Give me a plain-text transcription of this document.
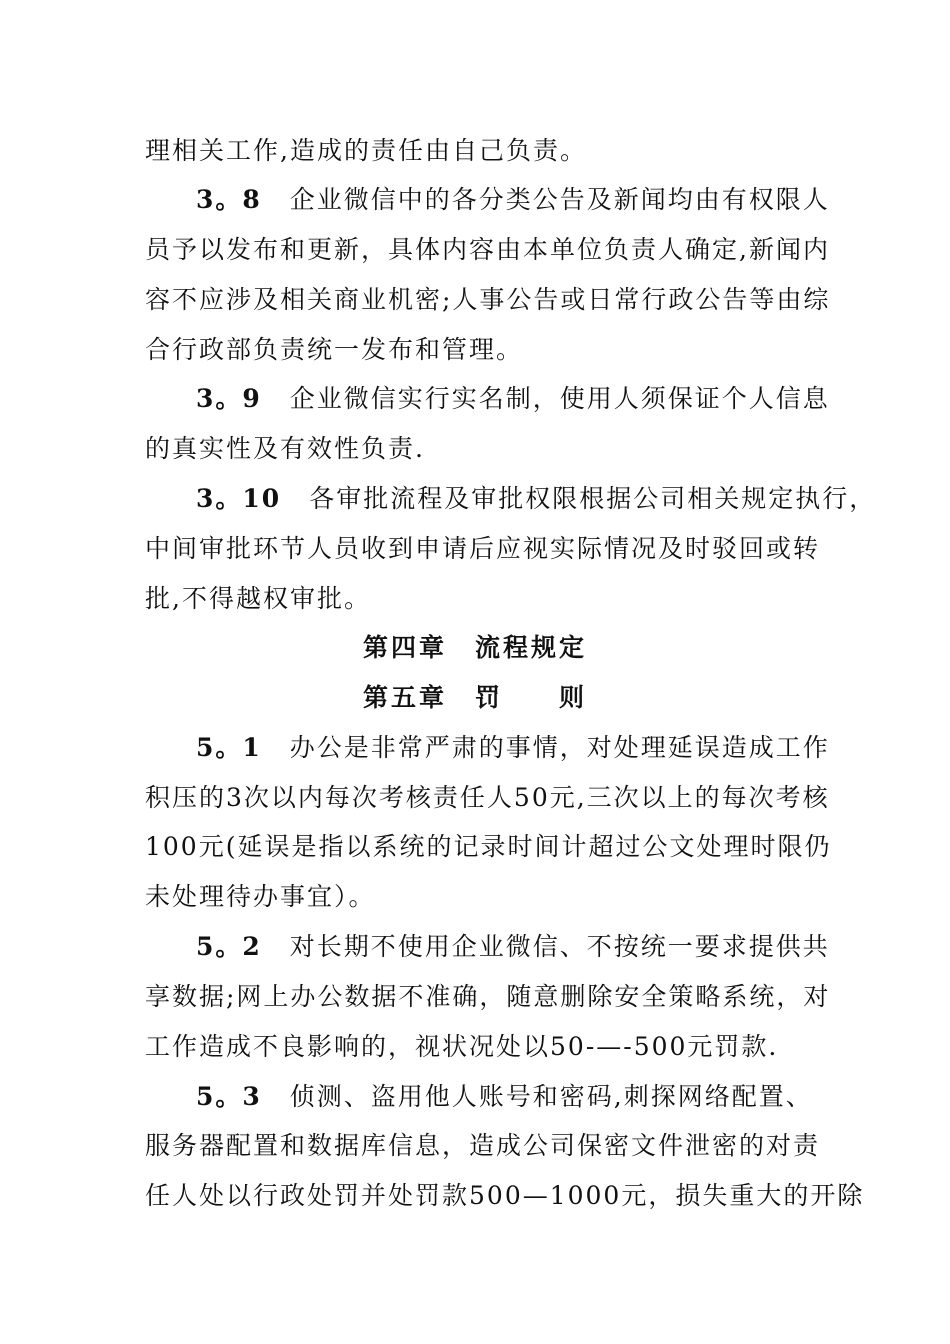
理相关工作,造成的责任由自己负责。
3。8 企业微信中的各分类公告及新闻均由有权限人
员予以发布和更新，具体内容由本单位负责人确定,新闻内
容不应涉及相关商业机密;人事公告或日常行政公告等由综
合行政部负责统一发布和管理。
3。9 企业微信实行实名制，使用人须保证个人信息
的真实性及有效性负责.
3。10 各审批流程及审批权限根据公司相关规定执行，
中间审批环节人员收到申请后应视实际情况及时驳回或转
批,不得越权审批。
第四章　流程规定
第五章　罚　　则
5。1 办公是非常严肃的事情，对处理延误造成工作
积压的3次以内每次考核责任人50元,三次以上的每次考核
100元(延误是指以系统的记录时间计超过公文处理时限仍
未处理待办事宜）。
5。2 对长期不使用企业微信、不按统一要求提供共
享数据;网上办公数据不准确，随意删除安全策略系统，对
工作造成不良影响的，视状况处以50-—-500元罚款.
5。3 侦测、盗用他人账号和密码,刺探网络配置、
服务器配置和数据库信息，造成公司保密文件泄密的对责
任人处以行政处罚并处罚款500—1000元，损失重大的开除
